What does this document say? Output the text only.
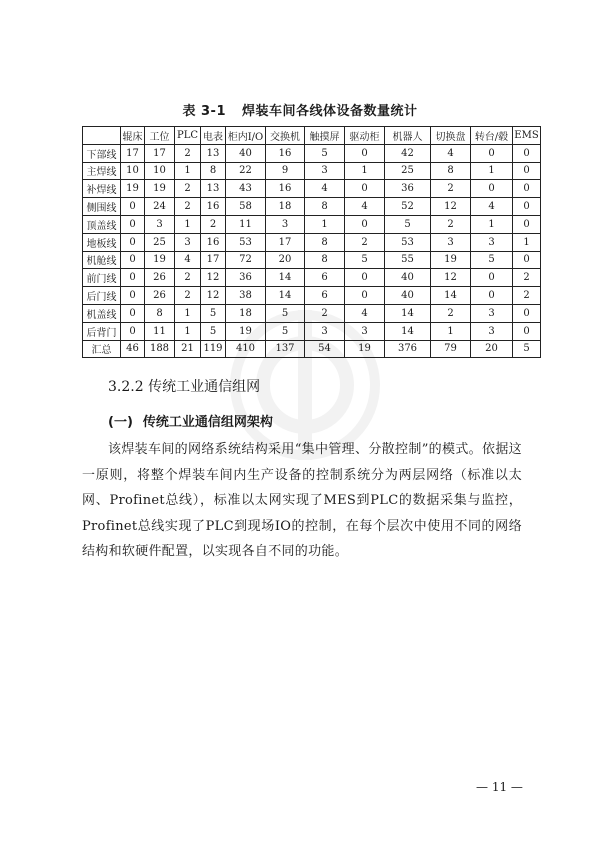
表 3-1 焊装车间各线体设备数量统计
	辊床	工位	PLC	电表	柜内I/O	交换机	触摸屏	驱动柜	机器人	切换盘	转台/毂	EMS
下部线	17	17	2	13	40	16	5	0	42	4	0	0
主焊线	10	10	1	8	22	9	3	1	25	8	1	0
补焊线	19	19	2	13	43	16	4	0	36	2	0	0
侧围线	0	24	2	16	58	18	8	4	52	12	4	0
顶盖线	0	3	1	2	11	3	1	0	5	2	1	0
地板线	0	25	3	16	53	17	8	2	53	3	3	1
机舱线	0	19	4	17	72	20	8	5	55	19	5	0
前门线	0	26	2	12	36	14	6	0	40	12	0	2
后门线	0	26	2	12	38	14	6	0	40	14	0	2
机盖线	0	8	1	5	18	5	2	4	14	2	3	0
后背门	0	11	1	5	19	5	3	3	14	1	3	0
汇总	46	188	21	119	410	137	54	19	376	79	20	5
3.2.2 传统工业通信组网
(一) 传统工业通信组网架构
该焊装车间的网络系统结构采用“集中管理、分散控制”的模式。依据这一原则，将整个焊装车间内生产设备的控制系统分为两层网络（标准以太网、Profinet总线），标准以太网实现了MES到PLC的数据采集与监控，Profinet总线实现了PLC到现场IO的控制，在每个层次中使用不同的网络结构和软硬件配置，以实现各自不同的功能。
— 11 —
